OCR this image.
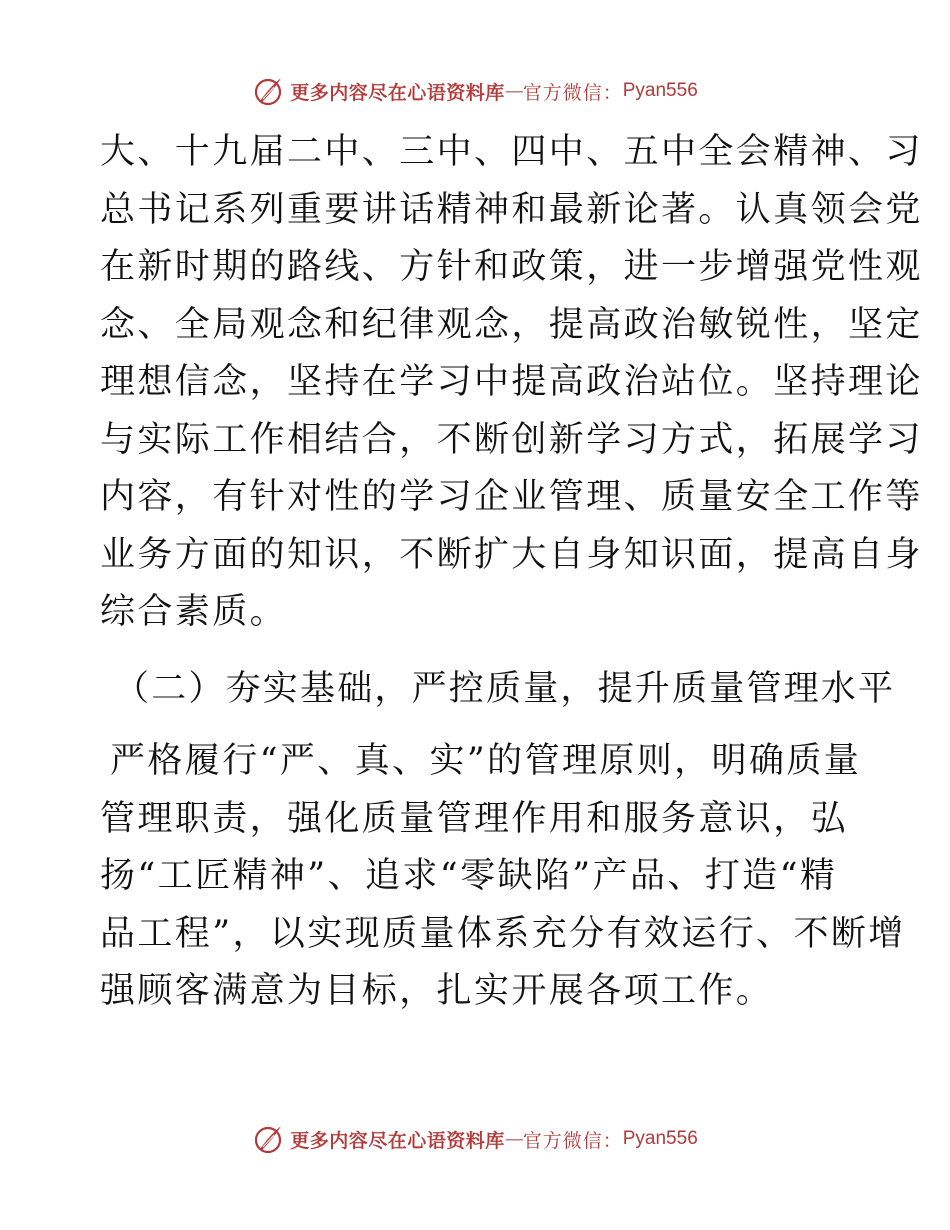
更多内容尽在心语资料库 — 官方微信： Pyan556
大、十九届二中、三中、四中、五中全会精神、习
总书记系列重要讲话精神和最新论著。认真领会党
在新时期的路线、方针和政策，进一步增强党性观
念、全局观念和纪律观念，提高政治敏锐性，坚定
理想信念，坚持在学习中提高政治站位。坚持理论
与实际工作相结合，不断创新学习方式，拓展学习
内容，有针对性的学习企业管理、质量安全工作等
业务方面的知识，不断扩大自身知识面，提高自身
综合素质。
（二）夯实基础，严控质量，提升质量管理水平
严格履行“严、真、实”的管理原则，明确质量
管理职责，强化质量管理作用和服务意识，弘
扬“工匠精神”、追求“零缺陷”产品、打造“精
品工程”，以实现质量体系充分有效运行、不断增
强顾客满意为目标，扎实开展各项工作。
更多内容尽在心语资料库 — 官方微信： Pyan556
